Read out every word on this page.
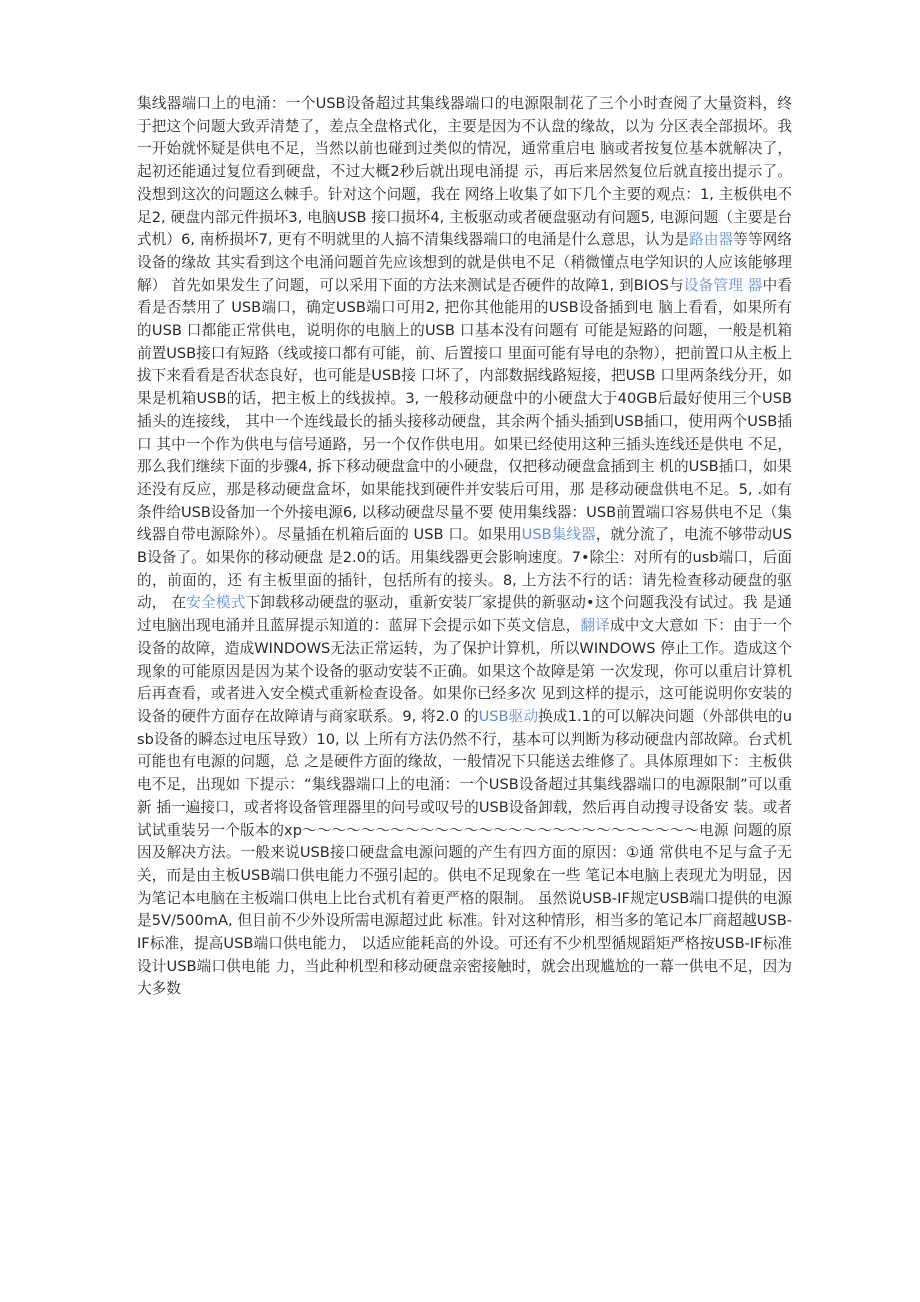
集线器端口上的电涌：一个USB设备超过其集线器端口的电源限制花了三个小时查阅了大量资料，终于把这个问题大致弄清楚了，差点全盘格式化，主要是因为不认盘的缘故，以为 分区表全部损坏。我一开始就怀疑是供电不足，当然以前也碰到过类似的情况，通常重启电 脑或者按复位基本就解决了，起初还能通过复位看到硬盘，不过大概2秒后就出现电涌提 示，再后来居然复位后就直接出提示了。没想到这次的问题这么棘手。针对这个问题，我在 网络上收集了如下几个主要的观点：1, 主板供电不足2, 硬盘内部元件损坏3, 电脑USB 接口损坏4, 主板驱动或者硬盘驱动有问题5, 电源问题（主要是台式机）6, 南桥损坏7, 更有不明就里的人搞不清集线器端口的电涌是什么意思，认为是路由器等等网络设备的缘故 其实看到这个电涌问题首先应该想到的就是供电不足（稍微懂点电学知识的人应该能够理解） 首先如果发生了问题，可以采用下面的方法来测试是否硬件的故障1, 到BIOS与设备管理 器中看看是否禁用了 USB端口，确定USB端口可用2, 把你其他能用的USB设备插到电 脑上看看，如果所有的USB 口都能正常供电，说明你的电脑上的USB 口基本没有问题有 可能是短路的问题，一般是机箱前置USB接口有短路（线或接口都有可能，前、后置接口 里面可能有导电的杂物），把前置口从主板上拔下来看看是否状态良好，也可能是USB接 口坏了，内部数据线路短接，把USB 口里两条线分开，如果是机箱USB的话，把主板上的线拔掉。3, 一般移动硬盘中的小硬盘大于40GB后最好使用三个USB插头的连接线， 其中一个连线最长的插头接移动硬盘，其余两个插头插到USB插口，使用两个USB插口 其中一个作为供电与信号通路，另一个仅作供电用。如果已经使用这种三插头连线还是供电 不足，那么我们继续下面的步骤4, 拆下移动硬盘盒中的小硬盘，仅把移动硬盘盒插到主 机的USB插口，如果还没有反应，那是移动硬盘盒坏，如果能找到硬件并安装后可用，那 是移动硬盘供电不足。5, .如有条件给USB设备加一个外接电源6, 以移动硬盘尽量不要 使用集线器：USB前置端口容易供电不足（集线器自带电源除外）。尽量插在机箱后面的 USB 口。如果用USB集线器，就分流了，电流不够带动USB设备了。如果你的移动硬盘 是2.0的话。用集线器更会影响速度。7•除尘：对所有的usb端口，后面的，前面的，还 有主板里面的插针，包括所有的接头。8, 上方法不行的话：请先检查移动硬盘的驱动， 在安全模式下卸载移动硬盘的驱动，重新安装厂家提供的新驱动•这个问题我没有试过。我 是通过电脑出现电涌并且蓝屏提示知道的：蓝屏下会提示如下英文信息，翻译成中文大意如 下：由于一个设备的故障，造成WINDOWS无法正常运转，为了保护计算机，所以WINDOWS 停止工作。造成这个现象的可能原因是因为某个设备的驱动安装不正确。如果这个故障是第 一次发现，你可以重启计算机后再查看，或者进入安全模式重新检查设备。如果你已经多次 见到这样的提示，这可能说明你安装的设备的硬件方面存在故障请与商家联系。9, 将2.0 的USB驱动换成1.1的可以解决问题（外部供电的usb设备的瞬态过电压导致）10, 以 上所有方法仍然不行，基本可以判断为移动硬盘内部故障。台式机可能也有电源的问题，总 之是硬件方面的缘故，一般情况下只能送去维修了。具体原理如下：主板供电不足，出现如 下提示：“集线器端口上的电涌：一个USB设备超过其集线器端口的电源限制”可以重新 插一遍接口，或者将设备管理器里的问号或叹号的USB设备卸载，然后再自动搜寻设备安 装。或者试试重装另一个版本的xp〜〜〜〜〜〜〜〜〜〜〜〜〜〜〜〜〜〜〜〜〜〜〜〜〜〜〜电源 问题的原因及解决方法。一般来说USB接口硬盘盒电源问题的产生有四方面的原因：①通 常供电不足与盒子无关，而是由主板USB端口供电能力不强引起的。供电不足现象在一些 笔记本电脑上表现尤为明显，因为笔记本电脑在主板端口供电上比台式机有着更严格的限制。 虽然说USB-IF规定USB端口提供的电源是5V/500mA, 但目前不少外设所需电源超过此 标准。针对这种情形，相当多的笔记本厂商超越USB-IF标准，提高USB端口供电能力， 以适应能耗高的外设。可还有不少机型循规蹈矩严格按USB-IF标准设计USB端口供电能 力，当此种机型和移动硬盘亲密接触时，就会出现尴尬的一幕一供电不足，因为大多数
